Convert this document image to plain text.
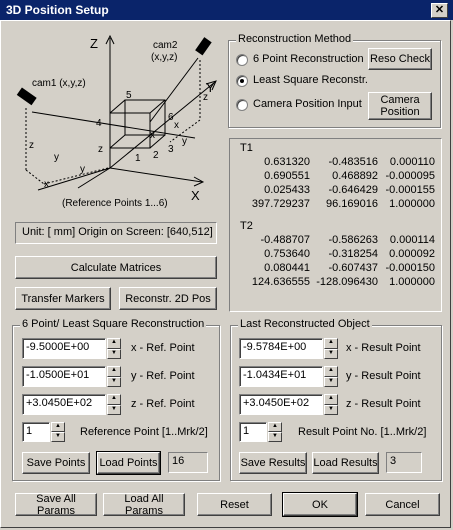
3D Position Setup	✕
Z
Y
X
cam1 (x,y,z)
cam2
(x,y,z)
2
3
4
5
6
1
x
y
z
x
y
z
x
z
y
(Reference Points 1...6)
Reconstruction Method
6 Point Reconstruction
Least Square Reconstr.
Camera Position Input
Reso Check
Camera Position
T1
0.631320 -0.483516 0.000110
0.690551 0.468892 -0.000095
0.025433 -0.646429 -0.000155
397.729237 96.169016 1.000000
T2
-0.488707 -0.586263 0.000114
0.753640 -0.318254 0.000092
0.080441 -0.607437 -0.000150
124.636555 -128.096430 1.000000
Unit: [ mm] Origin on Screen: [640,512]
Calculate Matrices
Transfer Markers	Reconstr. 2D Pos
6 Point/ Least Square Reconstruction
-9.5000E+00	▲
▼	x - Ref. Point
-1.0500E+01	▲
▼	y - Ref. Point
+3.0450E+02	▲
▼	z - Ref. Point
1	▲
▼	Reference Point [1..Mrk/2]
Save Points	Load Points 16
Last Reconstructed Object
-9.5784E+00	▲
▼	x - Result Point
-1.0434E+01	▲
▼	y - Result Point
+3.0450E+02	▲
▼	z - Result Point
1	▲
▼	Result Point No. [1..Mrk/2]
Save Results Load Results 3
Save All Params
Load All Params	Reset	OK	Cancel
